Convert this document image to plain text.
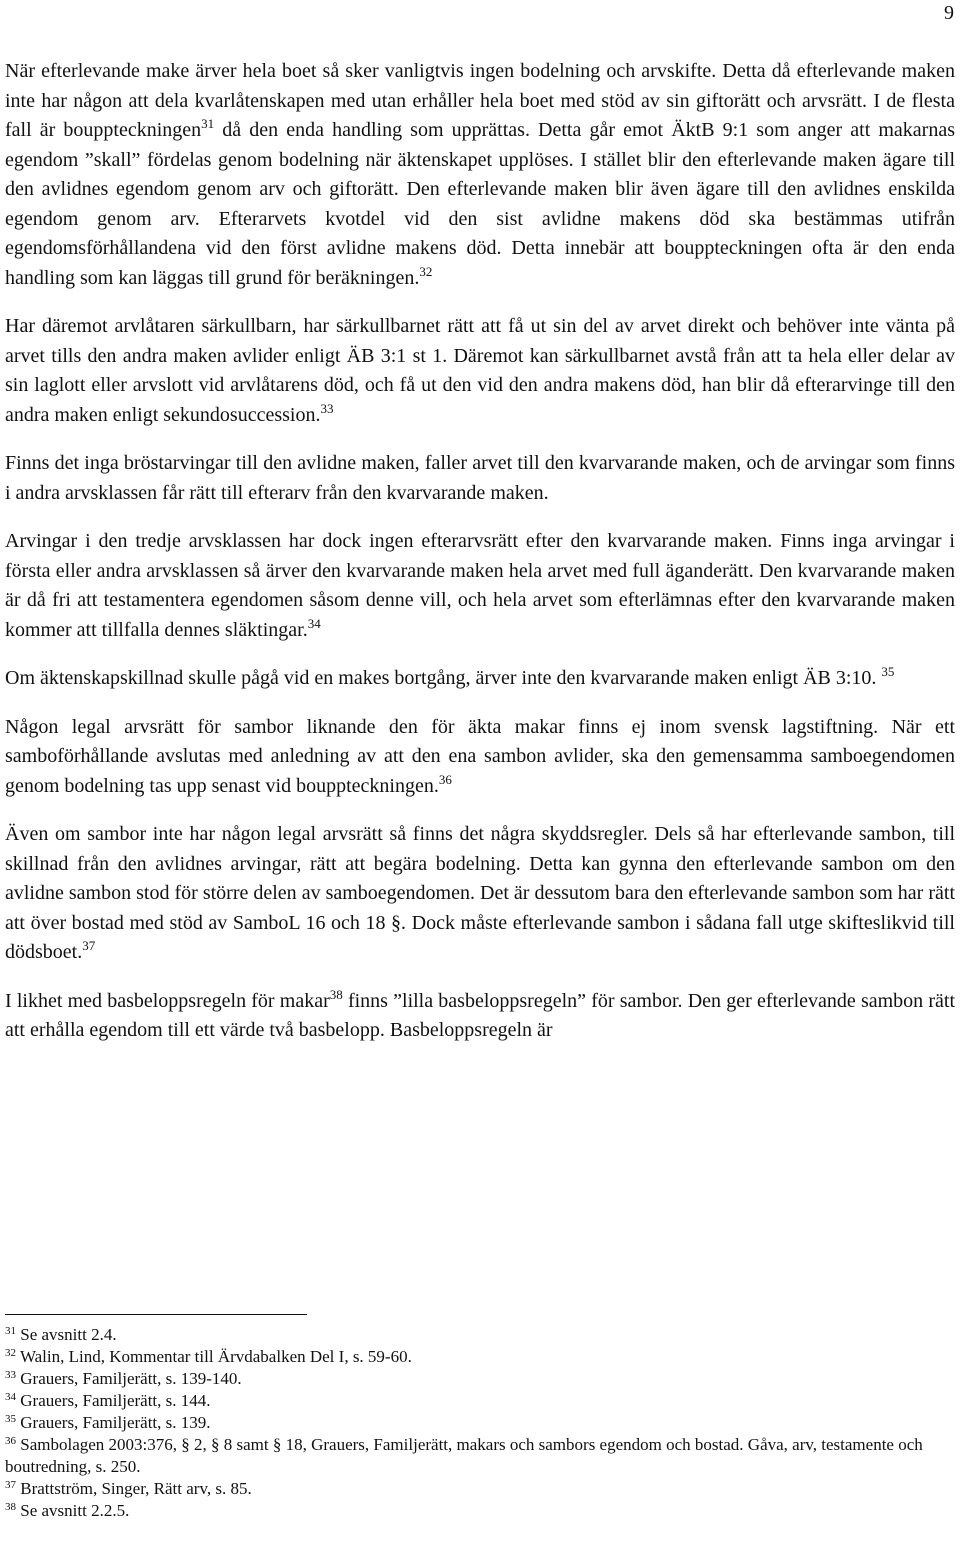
9

När efterlevande make ärver hela boet så sker vanligtvis ingen bodelning och arvskifte. Detta då efterlevande maken inte har någon att dela kvarlåtenskapen med utan erhåller hela boet med stöd av sin giftorätt och arvsrätt. I de flesta fall är bouppteckningen$^{31}$ då den enda handling som upprättas. Detta går emot ÄktB 9:1 som anger att makarnas egendom ”skall” fördelas genom bodelning när äktenskapet upplöses. I stället blir den efterlevande maken ägare till den avlidnes egendom genom arv och giftorätt. Den efterlevande maken blir även ägare till den avlidnes enskilda egendom genom arv. Efterarvets kvotdel vid den sist avlidne makens död ska bestämmas utifrån egendomsförhållandena vid den först avlidne makens död. Detta innebär att bouppteckningen ofta är den enda handling som kan läggas till grund för beräkningen.$^{32}$

Har däremot arvlåtaren särkullbarn, har särkullbarnet rätt att få ut sin del av arvet direkt och behöver inte vänta på arvet tills den andra maken avlider enligt ÄB 3:1 st 1. Däremot kan särkullbarnet avstå från att ta hela eller delar av sin laglott eller arvslott vid arvlåtarens död, och få ut den vid den andra makens död, han blir då efterarvinge till den andra maken enligt sekundosuccession.$^{33}$

Finns det inga bröstarvingar till den avlidne maken, faller arvet till den kvarvarande maken, och de arvingar som finns i andra arvsklassen får rätt till efterarv från den kvarvarande maken.

Arvingar i den tredje arvsklassen har dock ingen efterarvsrätt efter den kvarvarande maken. Finns inga arvingar i första eller andra arvsklassen så ärver den kvarvarande maken hela arvet med full äganderätt. Den kvarvarande maken är då fri att testamentera egendomen såsom denne vill, och hela arvet som efterlämnas efter den kvarvarande maken kommer att tillfalla dennes släktingar.$^{34}$

Om äktenskapskillnad skulle pågå vid en makes bortgång, ärver inte den kvarvarande maken enligt ÄB 3:10. $^{35}$

Någon legal arvsrätt för sambor liknande den för äkta makar finns ej inom svensk lagstiftning. När ett samboförhållande avslutas med anledning av att den ena sambon avlider, ska den gemensamma samboegendomen genom bodelning tas upp senast vid bouppteckningen.$^{36}$

Även om sambor inte har någon legal arvsrätt så finns det några skyddsregler. Dels så har efterlevande sambon, till skillnad från den avlidnes arvingar, rätt att begära bodelning. Detta kan gynna den efterlevande sambon om den avlidne sambon stod för större delen av samboegendomen. Det är dessutom bara den efterlevande sambon som har rätt att över bostad med stöd av SamboL 16 och 18 §. Dock måste efterlevande sambon i sådana fall utge skifteslikvid till dödsboet.$^{37}$

I likhet med basbeloppsregeln för makar$^{38}$ finns ”lilla basbeloppsregeln” för sambor. Den ger efterlevande sambon rätt att erhålla egendom till ett värde två basbelopp. Basbeloppsregeln är

$^{31}$ Se avsnitt 2.4.
$^{32}$ Walin, Lind, Kommentar till Ärvdabalken Del I, s. 59-60.
$^{33}$ Grauers, Familjerätt, s. 139-140.
$^{34}$ Grauers, Familjerätt, s. 144.
$^{35}$ Grauers, Familjerätt, s. 139.
$^{36}$ Sambolagen 2003:376, § 2, § 8 samt § 18, Grauers, Familjerätt, makars och sambors egendom och bostad. Gåva, arv, testamente och boutredning, s. 250.
$^{37}$ Brattström, Singer, Rätt arv, s. 85.
$^{38}$ Se avsnitt 2.2.5.
